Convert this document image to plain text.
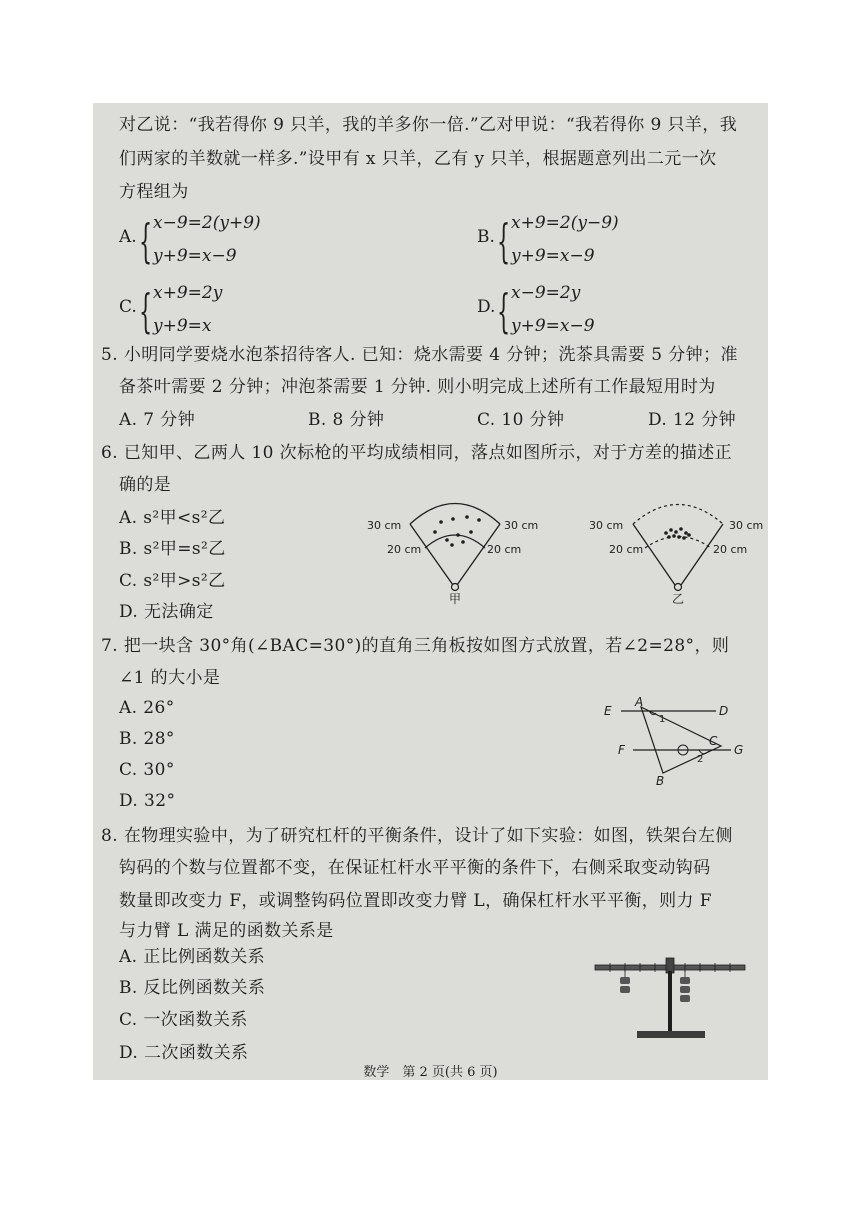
对乙说：“我若得你 9 只羊，我的羊多你一倍.”乙对甲说：“我若得你 9 只羊，我
们两家的羊数就一样多.”设甲有 x 只羊，乙有 y 只羊，根据题意列出二元一次
方程组为
A. { x−9=2(y+9)
y+9=x−9
B. { x+9=2(y−9)
y+9=x−9
C. { x+9=2y
y+9=x
D. { x−9=2y
y+9=x−9
5. 小明同学要烧水泡茶招待客人. 已知：烧水需要 4 分钟；洗茶具需要 5 分钟；准
备茶叶需要 2 分钟；冲泡茶需要 1 分钟. 则小明完成上述所有工作最短用时为
A. 7 分钟	B. 8 分钟	C. 10 分钟	D. 12 分钟
6. 已知甲、乙两人 10 次标枪的平均成绩相同，落点如图所示，对于方差的描述正
确的是
A. s²甲<s²乙
B. s²甲=s²乙
C. s²甲>s²乙
D. 无法确定
30 cm	30 cm
20 cm	20 cm
甲
30 cm	30 cm
20 cm	20 cm
乙
7. 把一块含 30°角(∠BAC=30°)的直角三角板按如图方式放置，若∠2=28°，则
∠1 的大小是
A. 26°
B. 28°
C. 30°
D. 32°
E
A
D
F
C
G
B
1
2
8. 在物理实验中，为了研究杠杆的平衡条件，设计了如下实验：如图，铁架台左侧
钩码的个数与位置都不变，在保证杠杆水平平衡的条件下，右侧采取变动钩码
数量即改变力 F，或调整钩码位置即改变力臂 L，确保杠杆水平平衡，则力 F
与力臂 L 满足的函数关系是
A. 正比例函数关系
B. 反比例函数关系
C. 一次函数关系
D. 二次函数关系
数学　第 2 页(共 6 页)
